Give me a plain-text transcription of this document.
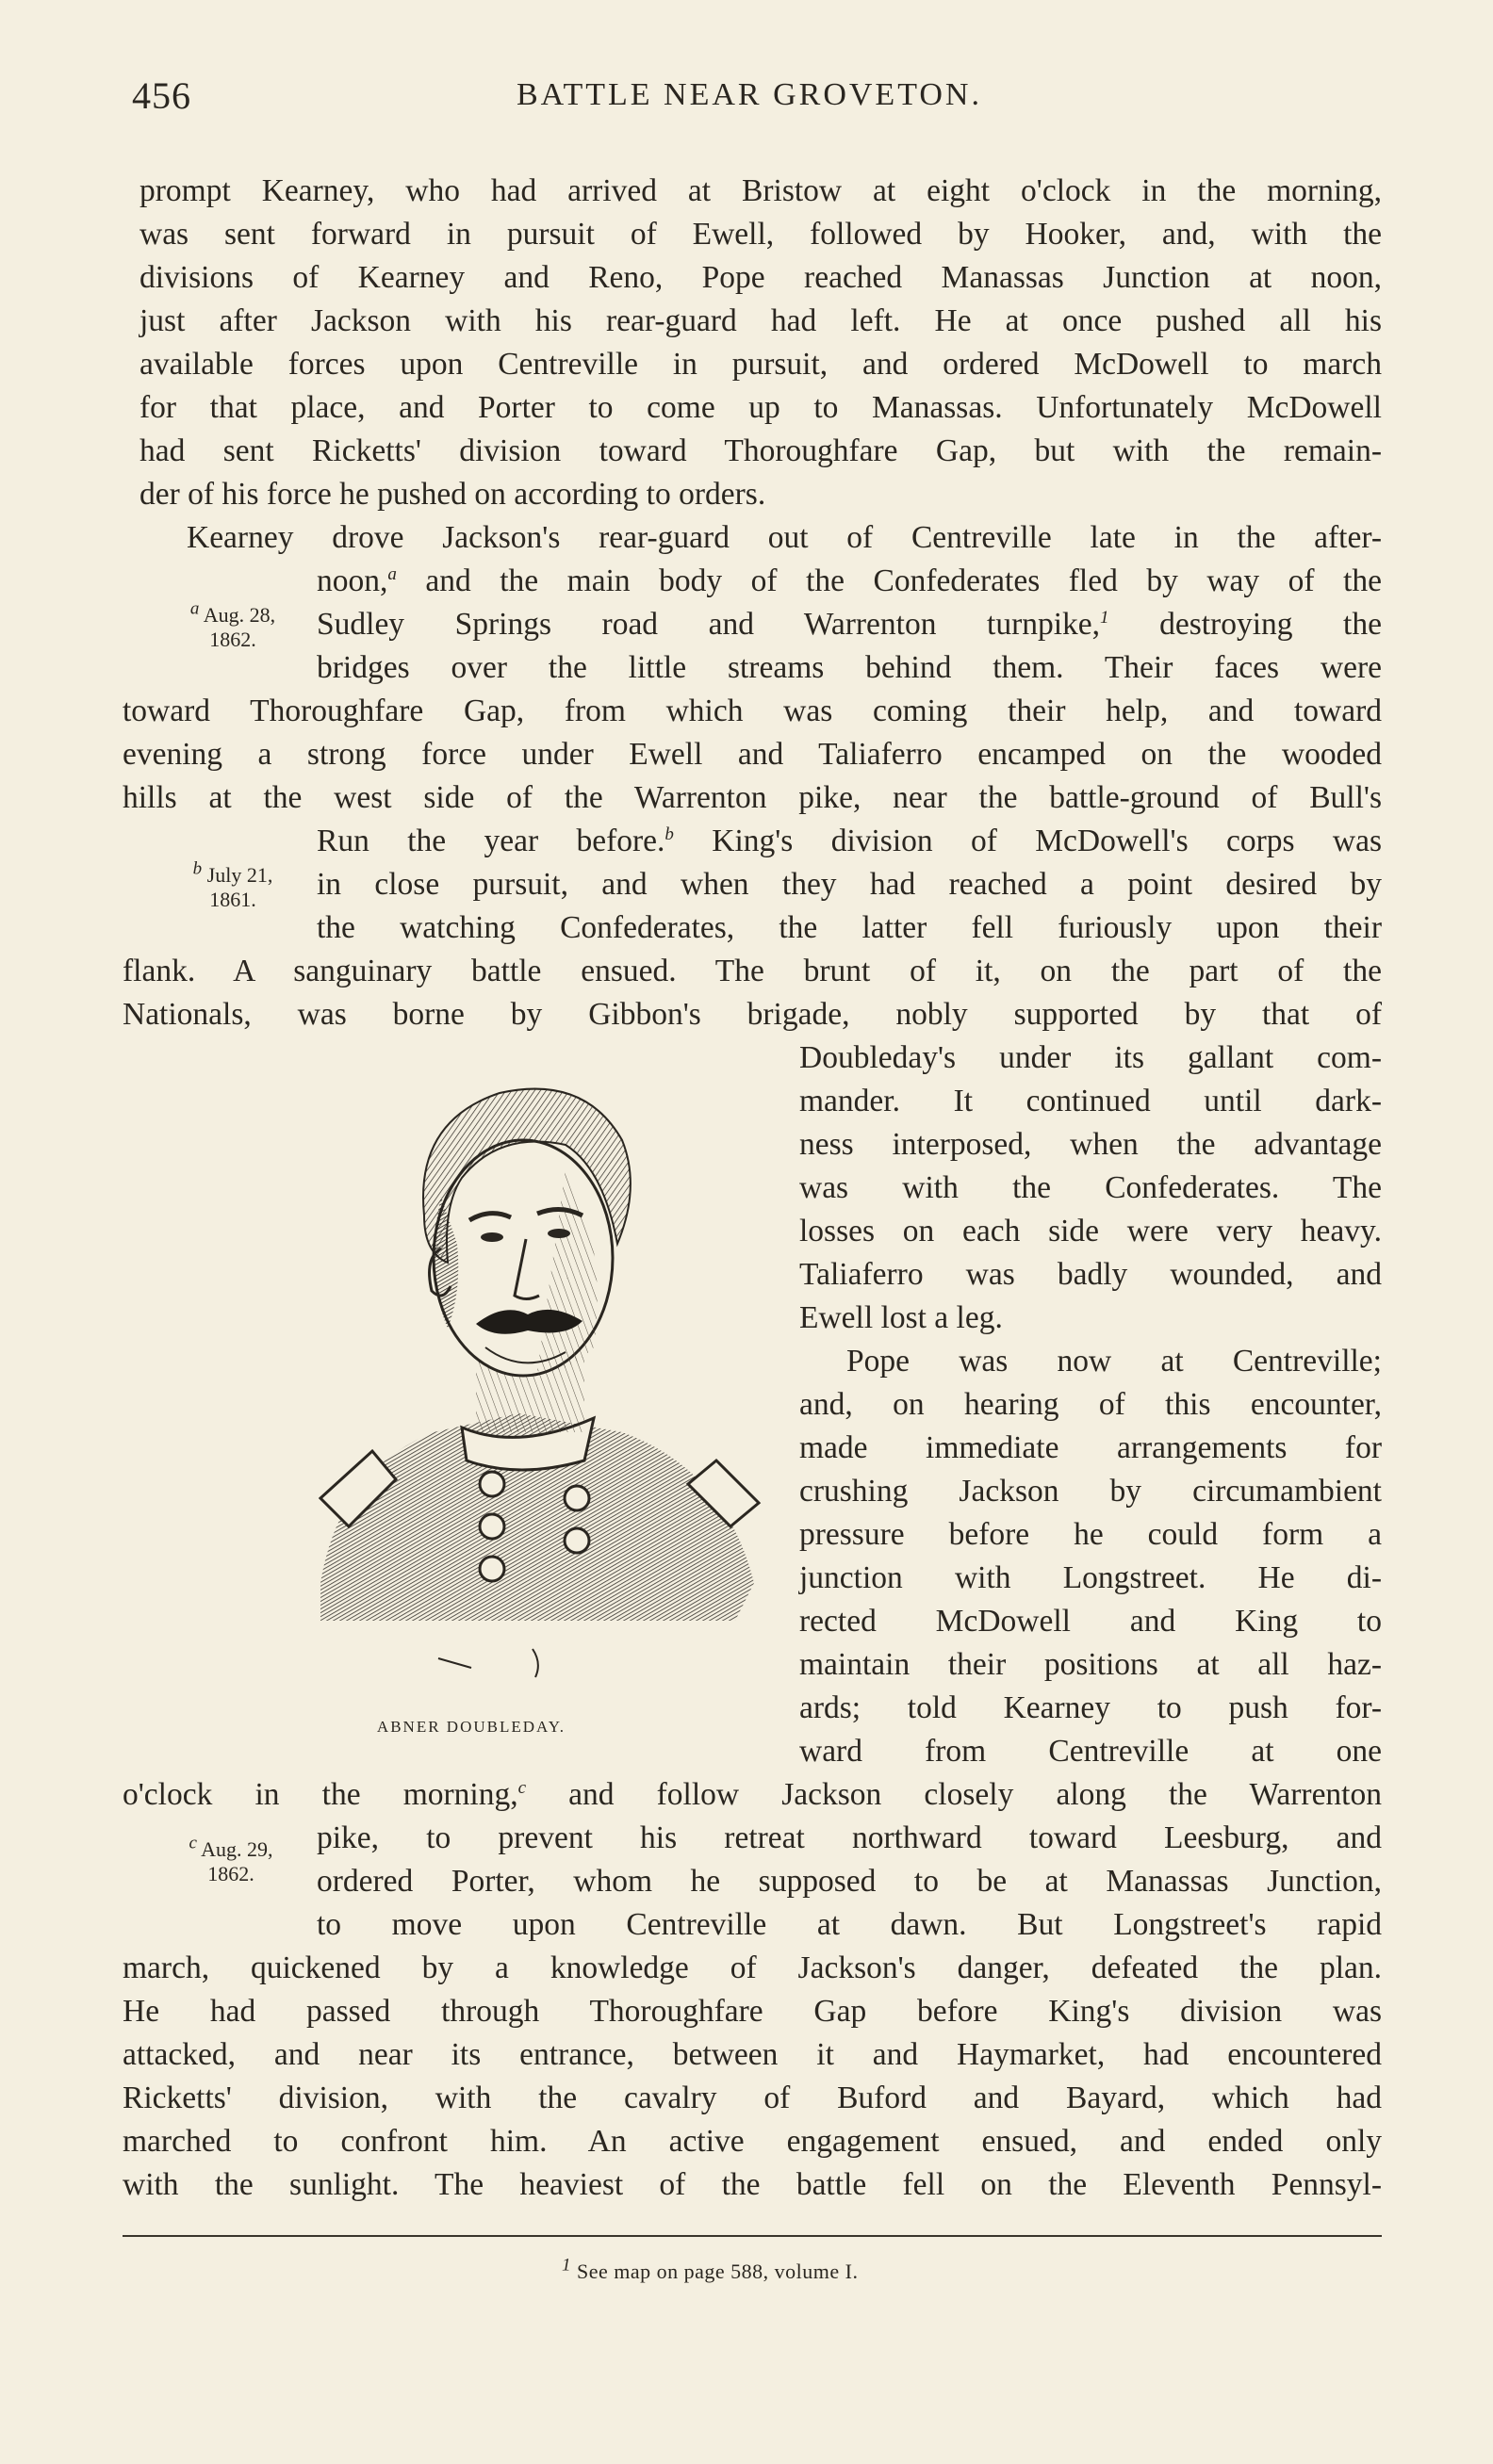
456	BATTLE NEAR GROVETON.
prompt Kearney, who had arrived at Bristow at eight o'clock in the morning,
was sent forward in pursuit of Ewell, followed by Hooker, and, with the
divisions of Kearney and Reno, Pope reached Manassas Junction at noon,
just after Jackson with his rear-guard had left. He at once pushed all his
available forces upon Centreville in pursuit, and ordered McDowell to march
for that place, and Porter to come up to Manassas. Unfortunately McDowell
had sent Ricketts' division toward Thoroughfare Gap, but with the remain-
der of his force he pushed on according to orders.
Kearney drove Jackson's rear-guard out of Centreville late in the after-
noon,$^a$ and the main body of the Confederates fled by way of the
Sudley Springs road and Warrenton turnpike,$^1$ destroying the
bridges over the little streams behind them. Their faces were
a Aug. 28,
1862.
toward Thoroughfare Gap, from which was coming their help, and toward
evening a strong force under Ewell and Taliaferro encamped on the wooded
hills at the west side of the Warrenton pike, near the battle-ground of Bull's
Run the year before.$^b$ King's division of McDowell's corps was
in close pursuit, and when they had reached a point desired by
the watching Confederates, the latter fell furiously upon their
b July 21,
1861.
flank. A sanguinary battle ensued. The brunt of it, on the part of the
Nationals, was borne by Gibbon's brigade, nobly supported by that of
Doubleday's under its gallant com-
mander. It continued until dark-
ness interposed, when the advantage
was with the Confederates. The
losses on each side were very heavy.
Taliaferro was badly wounded, and
Ewell lost a leg.
Pope was now at Centreville;
and, on hearing of this encounter,
made immediate arrangements for
crushing Jackson by circumambient
pressure before he could form a
junction with Longstreet. He di-
rected McDowell and King to
maintain their positions at all haz-
ards; told Kearney to push for-
ward from Centreville at one
ABNER DOUBLEDAY.
o'clock in the morning,$^c$ and follow Jackson closely along the Warrenton
pike, to prevent his retreat northward toward Leesburg, and
ordered Porter, whom he supposed to be at Manassas Junction,
to move upon Centreville at dawn. But Longstreet's rapid
c Aug. 29,
1862.
march, quickened by a knowledge of Jackson's danger, defeated the plan.
He had passed through Thoroughfare Gap before King's division was
attacked, and near its entrance, between it and Haymarket, had encountered
Ricketts' division, with the cavalry of Buford and Bayard, which had
marched to confront him. An active engagement ensued, and ended only
with the sunlight. The heaviest of the battle fell on the Eleventh Pennsyl-
1 See map on page 588, volume I.
